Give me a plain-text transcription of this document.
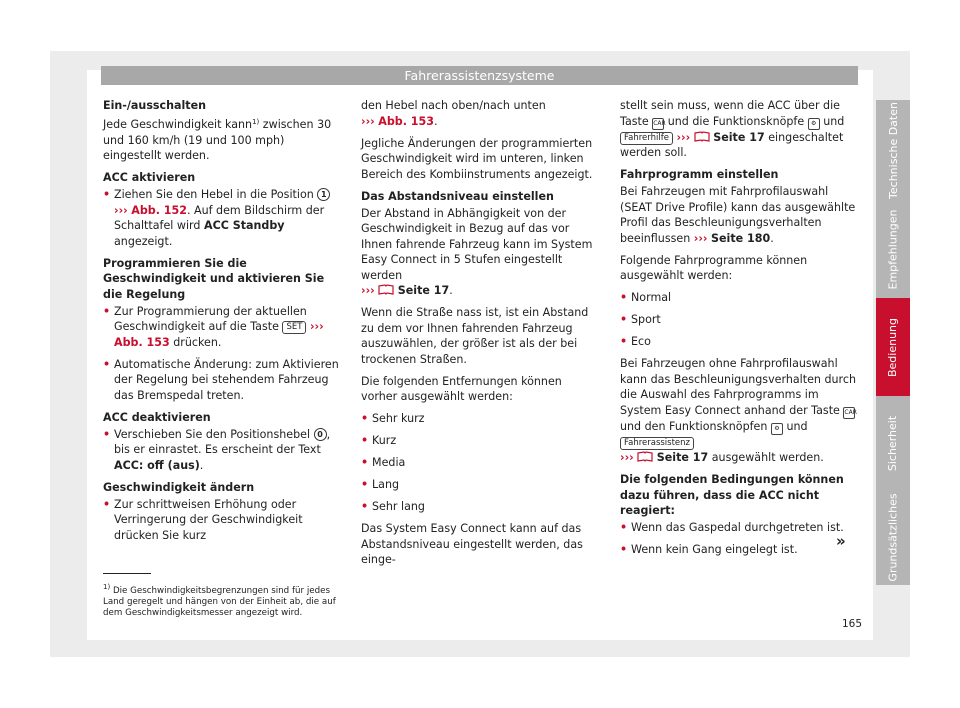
Fahrerassistenzsysteme
Technische Daten
Empfehlungen
Bedienung
Sicherheit
Grundsätzliches

Ein-/ausschalten

Jede Geschwindigkeit kann$^{1)}$ zwischen 30 und 160 km/h (19 und 100 mph) eingestellt werden.

ACC aktivieren

• Ziehen Sie den Hebel in die Position 1
››› Abb. 152. Auf dem Bildschirm der Schalttafel wird ACC Standby angezeigt.

Programmieren Sie die Geschwindigkeit und aktivieren Sie die Regelung

• Zur Programmierung der aktuellen Geschwindigkeit auf die Taste SET ››› Abb. 153 drücken.

• Automatische Änderung: zum Aktivieren der Regelung bei stehendem Fahrzeug das Bremspedal treten.

ACC deaktivieren

• Verschieben Sie den Positionshebel 0 , bis er einrastet. Es erscheint der Text ACC: off (aus).

Geschwindigkeit ändern

• Zur schrittweisen Erhöhung oder Verringerung der Geschwindigkeit drücken Sie kurz

den Hebel nach oben/nach unten

››› Abb. 153.

Jegliche Änderungen der programmierten Geschwindigkeit wird im unteren, linken Bereich des Kombiinstruments angezeigt.

Das Abstandsniveau einstellen

Der Abstand in Abhängigkeit von der Geschwindigkeit in Bezug auf das vor Ihnen fahrende Fahrzeug kann im System Easy Connect in 5 Stufen eingestellt werden

››› Seite 17.

Wenn die Straße nass ist, ist ein Abstand zu dem vor Ihnen fahrenden Fahrzeug auszuwählen, der größer ist als der bei trockenen Straßen.

Die folgenden Entfernungen können vorher ausgewählt werden:

• Sehr kurz

• Kurz

• Media

• Lang

• Sehr lang

Das System Easy Connect kann auf das Abstandsniveau eingestellt werden, das einge-

stellt sein muss, wenn die ACC über die Taste CAR und die Funktionsknöpfe ⚙ und Fahrerhilfe ››› Seite 17 eingeschaltet werden soll.

Fahrprogramm einstellen

Bei Fahrzeugen mit Fahrprofilauswahl (SEAT Drive Profile) kann das ausgewählte Profil das Beschleunigungsverhalten beeinflussen ››› Seite 180.

Folgende Fahrprogramme können ausgewählt werden:

• Normal

• Sport

• Eco

Bei Fahrzeugen ohne Fahrprofilauswahl kann das Beschleunigungsverhalten durch die Auswahl des Fahrprogramms im System Easy Connect anhand der Taste CAR und den Funktionsknöpfen ⚙ und Fahrerassistenz
››› Seite 17 ausgewählt werden.

Die folgenden Bedingungen können dazu führen, dass die ACC nicht reagiert:

• Wenn das Gaspedal durchgetreten ist.

• Wenn kein Gang eingelegt ist.	»
$^{1)}$ Die Geschwindigkeitsbegrenzungen sind für jedes Land geregelt und hängen von der Einheit ab, die auf dem Geschwindigkeitsmesser angezeigt wird.
165
